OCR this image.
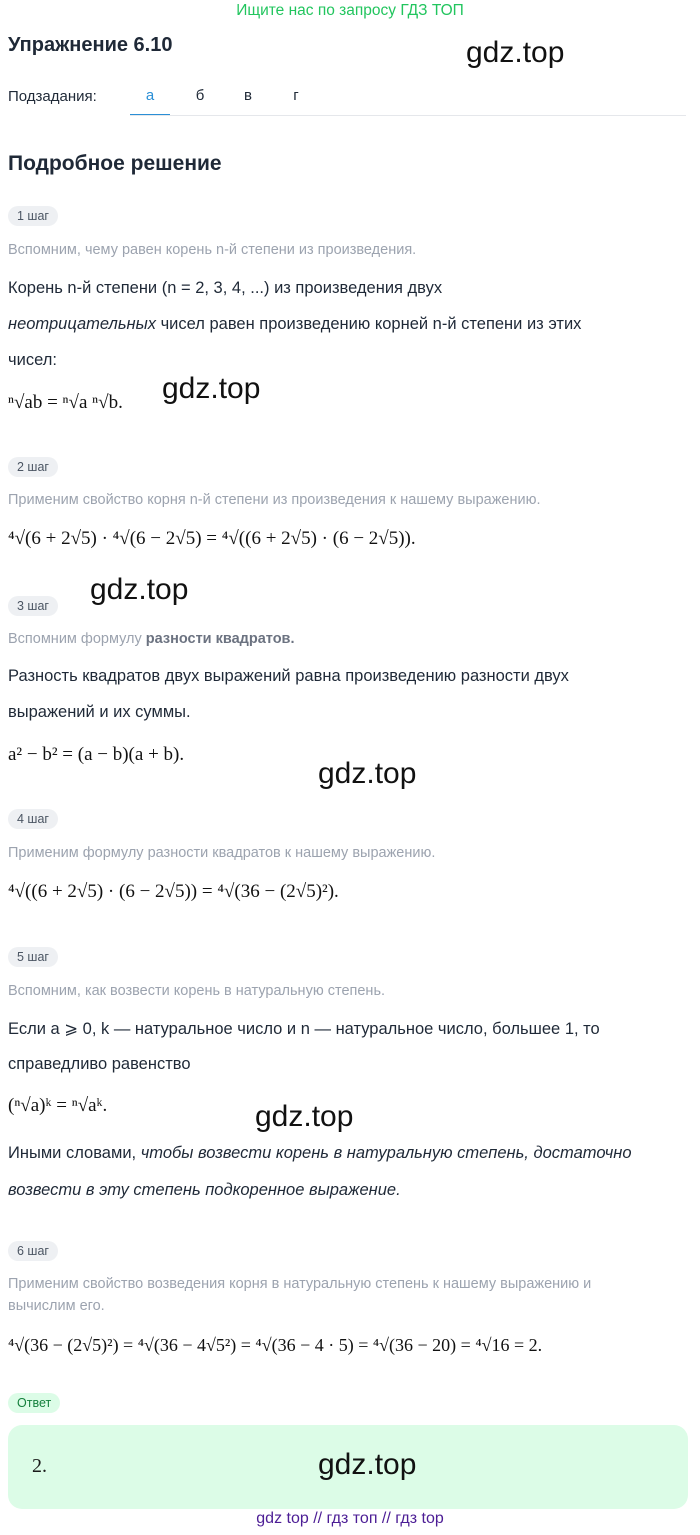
Ищите нас по запросу ГДЗ ТОП
Упражнение 6.10	gdz.top
Подзадания:	а	б	в	г
Подробное решение
1 шаг
Вспомним, чему равен корень n-й степени из произведения.
Корень n-й степени (n = 2, 3, 4, ...) из произведения двух
неотрицательных чисел равен произведению корней n-й степени из этих
чисел:
ⁿ√ab = ⁿ√a ⁿ√b. gdz.top
2 шаг
Применим свойство корня n-й степени из произведения к нашему выражению.
⁴√(6 + 2√5) · ⁴√(6 − 2√5) = ⁴√((6 + 2√5) · (6 − 2√5)).
gdz.top
3 шаг
Вспомним формулу разности квадратов.
Разность квадратов двух выражений равна произведению разности двух
выражений и их суммы.
a² − b² = (a − b)(a + b).
gdz.top
4 шаг
Применим формулу разности квадратов к нашему выражению.
⁴√((6 + 2√5) · (6 − 2√5)) = ⁴√(36 − (2√5)²).
5 шаг
Вспомним, как возвести корень в натуральную степень.
Если a ⩾ 0, k — натуральное число и n — натуральное число, большее 1, то
справедливо равенство
(ⁿ√a)ᵏ = ⁿ√aᵏ.	gdz.top
Иными словами, чтобы возвести корень в натуральную степень, достаточно
возвести в эту степень подкоренное выражение.
6 шаг
Применим свойство возведения корня в натуральную степень к нашему выражению и
вычислим его.
⁴√(36 − (2√5)²) = ⁴√(36 − 4√5²) = ⁴√(36 − 4 · 5) = ⁴√(36 − 20) = ⁴√16 = 2.
Ответ
2.	gdz.top
gdz top // гдз топ // гдз top
